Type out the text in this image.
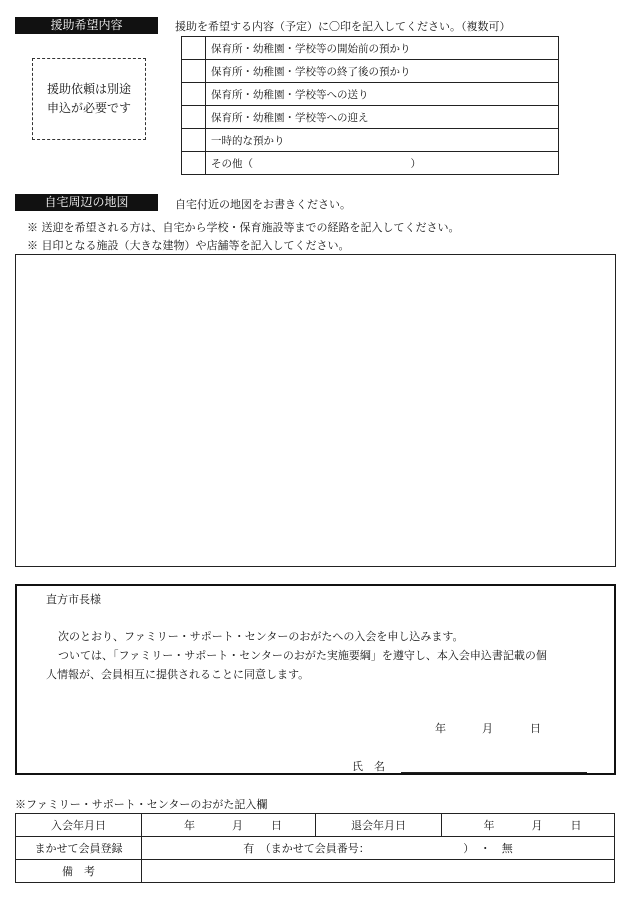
援助希望内容	援助を希望する内容（予定）に〇印を記入してください。（複数可）
援助依頼は別途申込が必要です
	保育所・幼稚園・学校等の開始前の預かり
	保育所・幼稚園・学校等の終了後の預かり
	保育所・幼稚園・学校等への送り
	保育所・幼稚園・学校等への迎え
	一時的な預かり
	その他（　　　　　　　　　　　　　　　）
自宅周辺の地図	自宅付近の地図をお書きください。
※ 送迎を希望される方は、自宅から学校・保育施設等までの経路を記入してください。
※ 目印となる施設（大きな建物）や店舗等を記入してください。
直方市長様
次のとおり、ファミリー・サポート・センターのおがたへの入会を申し込みます。
ついては、「ファミリー・サポート・センターのおがた実施要綱」を遵守し、本入会申込書記載の個
人情報が、会員相互に提供されることに同意します。
年	月	日
氏　名
※ファミリー・サポート・センターのおがた記入欄
入会年月日	年 月 日	退会年月日	年 月 日
まかせて会員登録	有　（まかせて会員番号：　　　　　　　　　）　・　無		
備　考			
